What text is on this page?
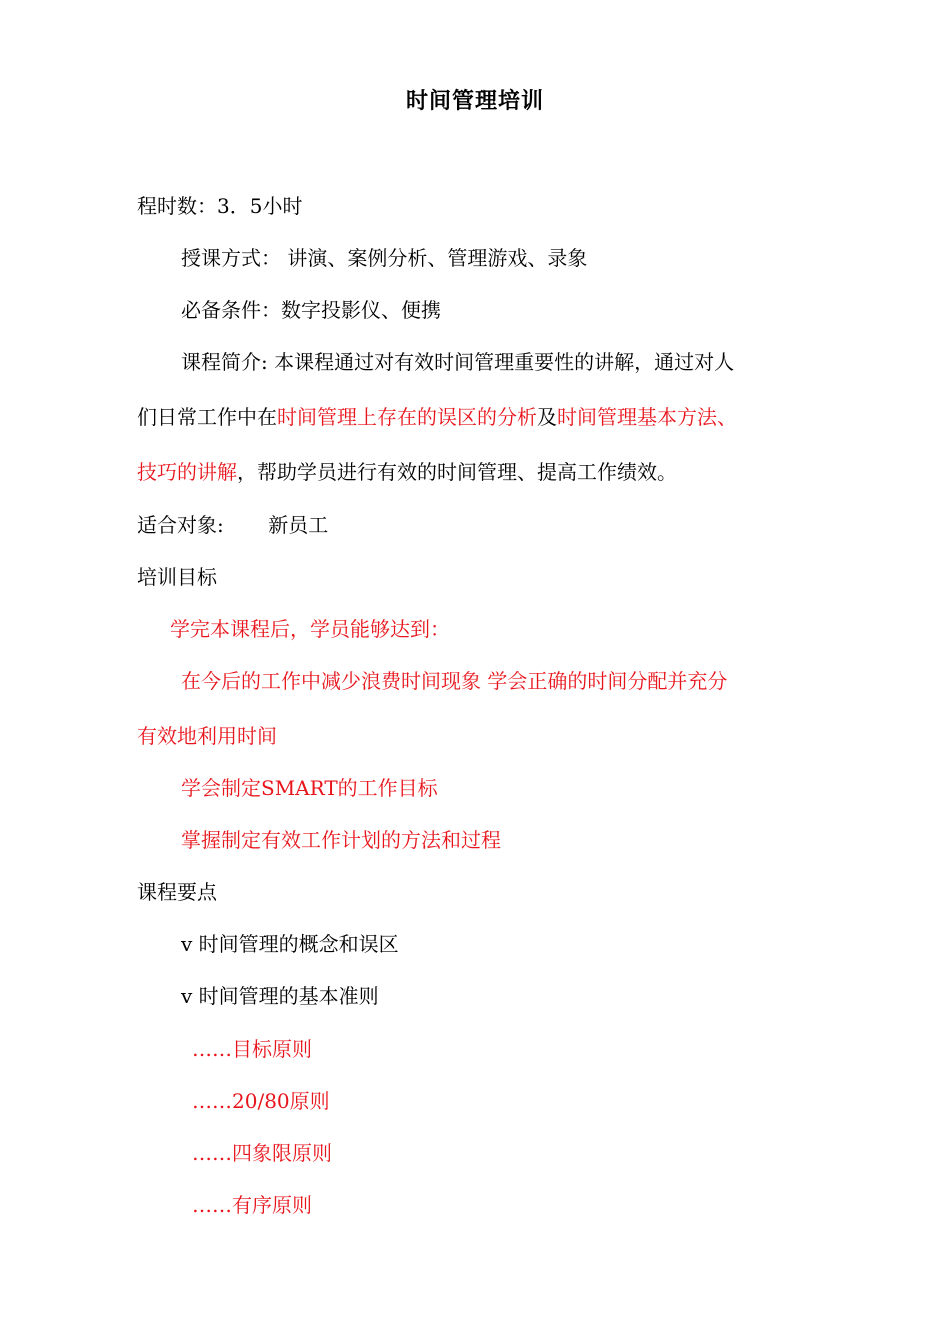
时间管理培训
程时数：3．5小时
授课方式： 讲演、案例分析、管理游戏、录象
必备条件：数字投影仪、便携
课程简介: 本课程通过对有效时间管理重要性的讲解，通过对人
们日常工作中在时间管理上存在的误区的分析及时间管理基本方法、
技巧的讲解，帮助学员进行有效的时间管理、提高工作绩效。
适合对象:       新员工
培训目标
学完本课程后，学员能够达到：
在今后的工作中减少浪费时间现象 学会正确的时间分配并充分
有效地利用时间
学会制定SMART的工作目标
掌握制定有效工作计划的方法和过程
课程要点
v 时间管理的概念和误区
v 时间管理的基本准则
……目标原则
……20/80原则
……四象限原则
……有序原则
